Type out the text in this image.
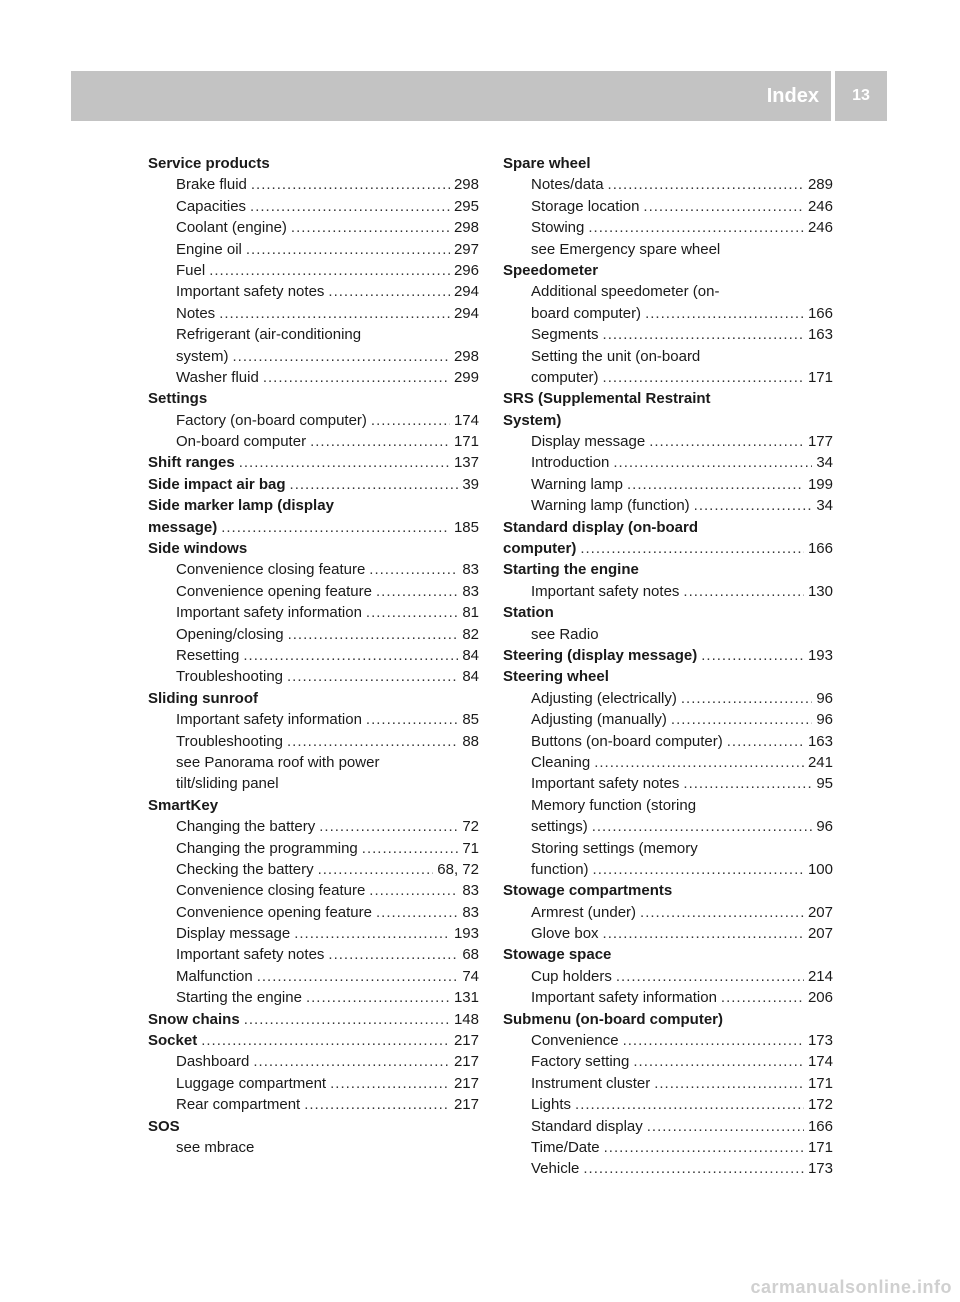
Index	13
Service products
Brake fluid .....	298
Capacities .....	295
Coolant (engine) .....	298
Engine oil .....	297
Fuel .....	296
Important safety notes .....	294
Notes .....	294
Refrigerant (air-conditioning
system) .....	298
Washer fluid .....	299
Settings
Factory (on-board computer) .....	174
On-board computer .....	171
Shift ranges .....	137
Side impact air bag .....	39
Side marker lamp (display
message) .....	185
Side windows
Convenience closing feature .....	83
Convenience opening feature .....	83
Important safety information .....	81
Opening/closing .....	82
Resetting .....	84
Troubleshooting .....	84
Sliding sunroof
Important safety information .....	85
Troubleshooting .....	88
see Panorama roof with power
tilt/sliding panel
SmartKey
Changing the battery .....	72
Changing the programming .....	71
Checking the battery .....	68, 72
Convenience closing feature .....	83
Convenience opening feature .....	83
Display message .....	193
Important safety notes .....	68
Malfunction .....	74
Starting the engine .....	131
Snow chains .....	148
Socket .....	217
Dashboard .....	217
Luggage compartment .....	217
Rear compartment .....	217
SOS
see mbrace
Spare wheel
Notes/data .....	289
Storage location .....	246
Stowing .....	246
see Emergency spare wheel
Speedometer
Additional speedometer (on-
board computer) .....	166
Segments .....	163
Setting the unit (on-board
computer) .....	171
SRS (Supplemental Restraint
System)
Display message .....	177
Introduction .....	34
Warning lamp .....	199
Warning lamp (function) .....	34
Standard display (on-board
computer) .....	166
Starting the engine
Important safety notes .....	130
Station
see Radio
Steering (display message) .....	193
Steering wheel
Adjusting (electrically) .....	96
Adjusting (manually) .....	96
Buttons (on-board computer) .....	163
Cleaning .....	241
Important safety notes .....	95
Memory function (storing
settings) .....	96
Storing settings (memory
function) .....	100
Stowage compartments
Armrest (under) .....	207
Glove box .....	207
Stowage space
Cup holders .....	214
Important safety information .....	206
Submenu (on-board computer)
Convenience .....	173
Factory setting .....	174
Instrument cluster .....	171
Lights .....	172
Standard display .....	166
Time/Date .....	171
Vehicle .....	173
carmanualsonline.info
